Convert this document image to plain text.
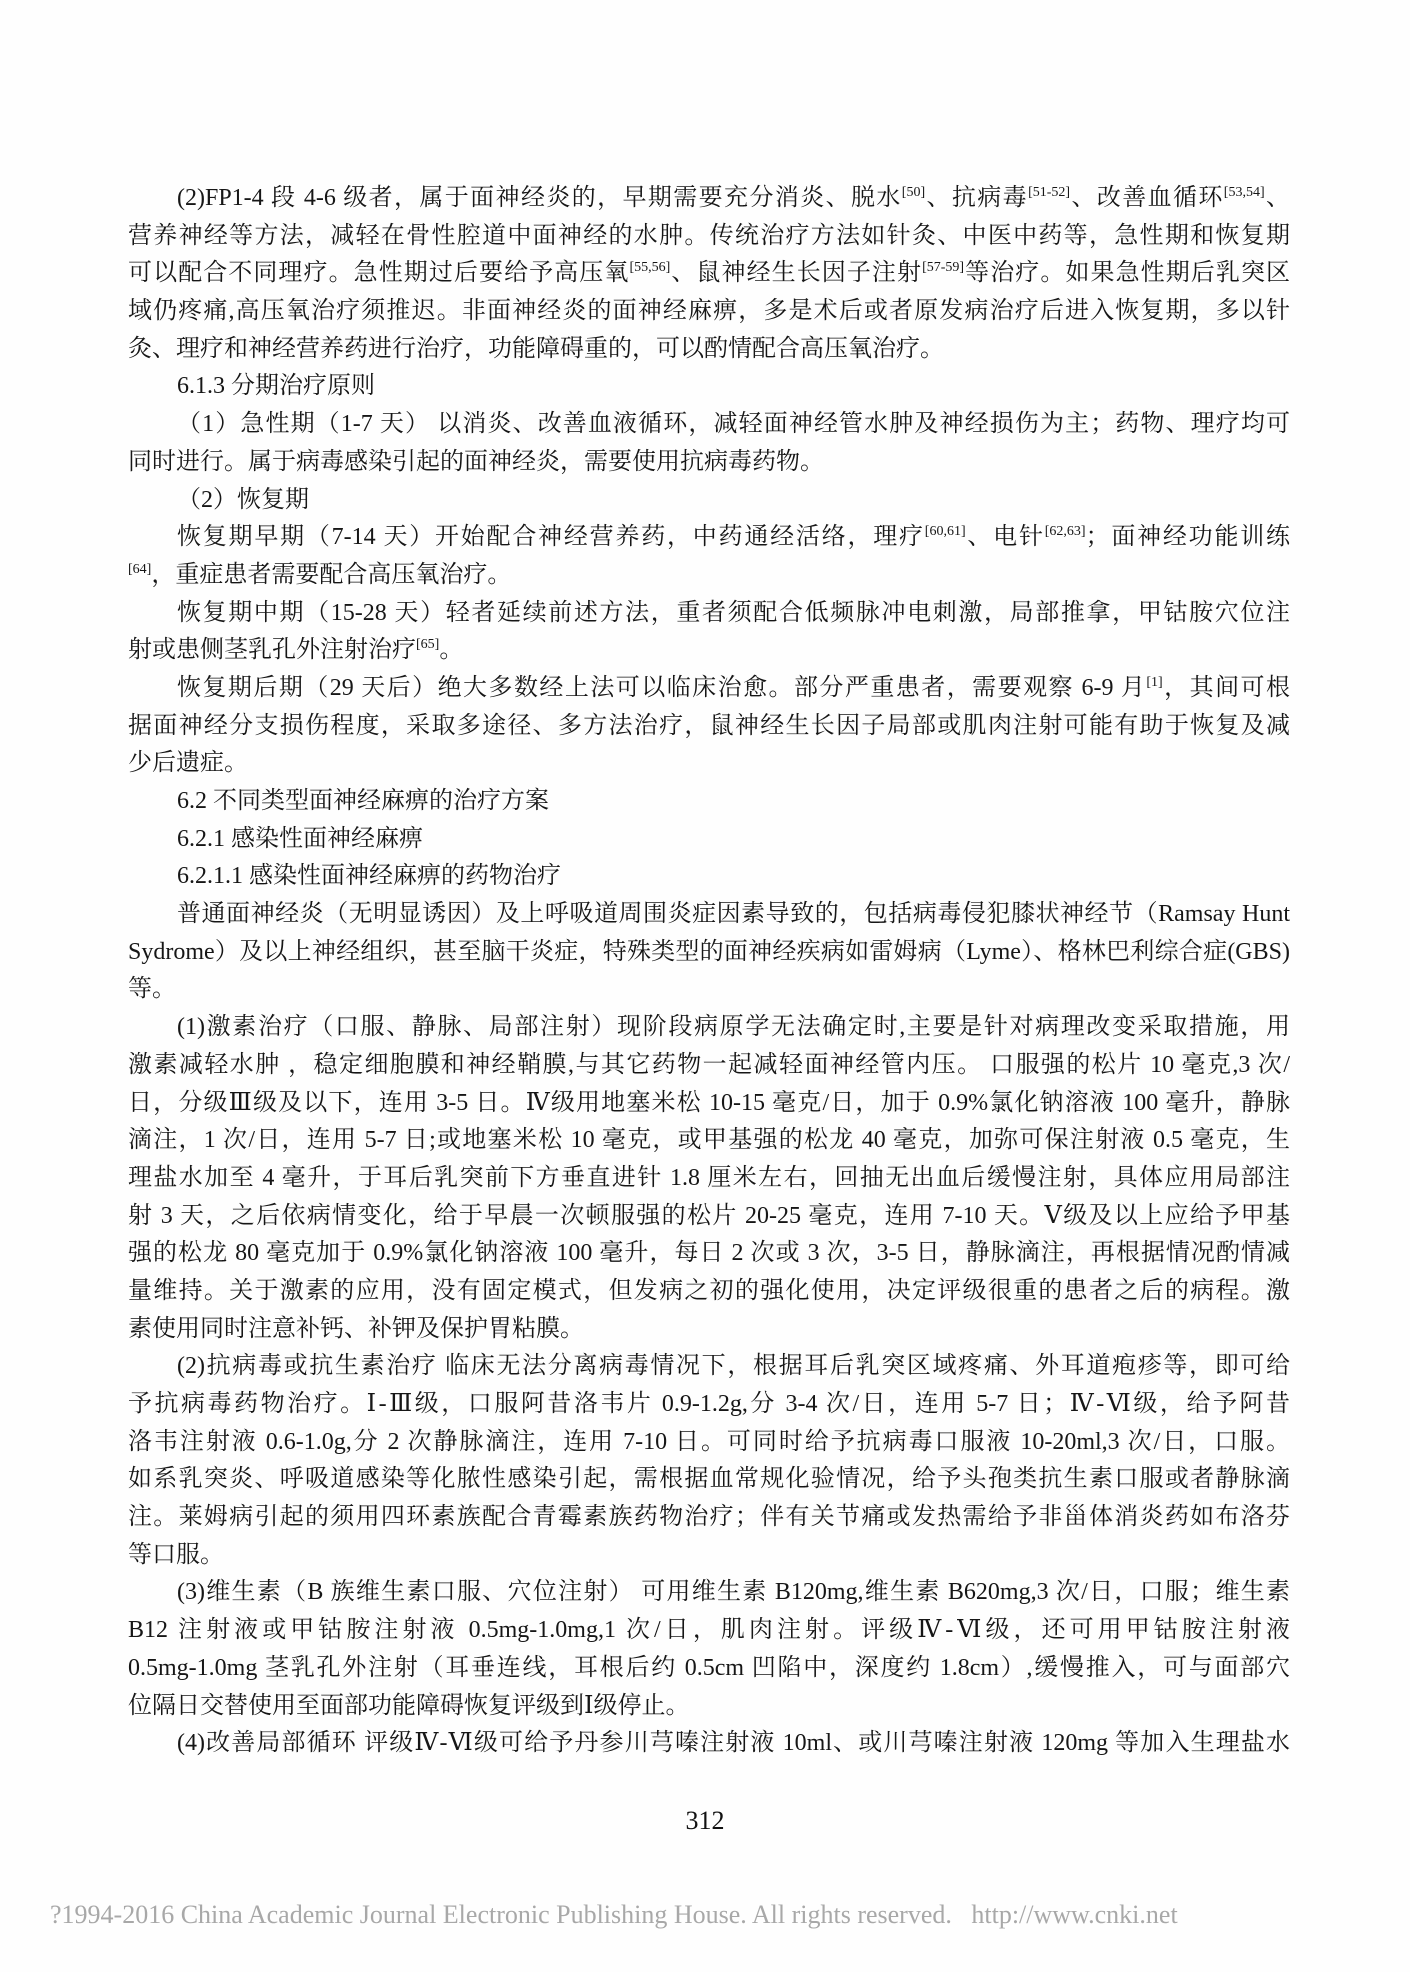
(2)FP1-4 段 4-6 级者，属于面神经炎的，早期需要充分消炎、脱水[50]、抗病毒[51-52]、改善血循环[53,54]、
营养神经等方法，减轻在骨性腔道中面神经的水肿。传统治疗方法如针灸、中医中药等，急性期和恢复期
可以配合不同理疗。急性期过后要给予高压氧[55,56]、鼠神经生长因子注射[57-59]等治疗。如果急性期后乳突区
域仍疼痛,高压氧治疗须推迟。非面神经炎的面神经麻痹，多是术后或者原发病治疗后进入恢复期，多以针
灸、理疗和神经营养药进行治疗，功能障碍重的，可以酌情配合高压氧治疗。
6.1.3 分期治疗原则
（1）急性期（1-7 天） 以消炎、改善血液循环，减轻面神经管水肿及神经损伤为主；药物、理疗均可
同时进行。属于病毒感染引起的面神经炎，需要使用抗病毒药物。
（2）恢复期
恢复期早期（7-14 天）开始配合神经营养药，中药通经活络，理疗[60,61]、电针[62,63]；面神经功能训练
[64]，重症患者需要配合高压氧治疗。
恢复期中期（15-28 天）轻者延续前述方法，重者须配合低频脉冲电刺激，局部推拿，甲钴胺穴位注
射或患侧茎乳孔外注射治疗[65]。
恢复期后期（29 天后）绝大多数经上法可以临床治愈。部分严重患者，需要观察 6-9 月[1]，其间可根
据面神经分支损伤程度，采取多途径、多方法治疗，鼠神经生长因子局部或肌肉注射可能有助于恢复及减
少后遗症。
6.2 不同类型面神经麻痹的治疗方案
6.2.1 感染性面神经麻痹
6.2.1.1 感染性面神经麻痹的药物治疗
普通面神经炎（无明显诱因）及上呼吸道周围炎症因素导致的，包括病毒侵犯膝状神经节（Ramsay Hunt
Sydrome）及以上神经组织，甚至脑干炎症，特殊类型的面神经疾病如雷姆病（Lyme）、格林巴利综合症(GBS)
等。
(1)激素治疗（口服、静脉、局部注射）现阶段病原学无法确定时,主要是针对病理改变采取措施，用
激素减轻水肿 ，稳定细胞膜和神经鞘膜,与其它药物一起减轻面神经管内压。 口服强的松片 10 毫克,3 次/
日，分级Ⅲ级及以下，连用 3-5 日。Ⅳ级用地塞米松 10-15 毫克/日，加于 0.9%氯化钠溶液 100 毫升，静脉
滴注，1 次/日，连用 5-7 日;或地塞米松 10 毫克，或甲基强的松龙 40 毫克，加弥可保注射液 0.5 毫克，生
理盐水加至 4 毫升，于耳后乳突前下方垂直进针 1.8 厘米左右，回抽无出血后缓慢注射，具体应用局部注
射 3 天，之后依病情变化，给于早晨一次顿服强的松片 20-25 毫克，连用 7-10 天。Ⅴ级及以上应给予甲基
强的松龙 80 毫克加于 0.9%氯化钠溶液 100 毫升，每日 2 次或 3 次，3-5 日，静脉滴注，再根据情况酌情减
量维持。关于激素的应用，没有固定模式，但发病之初的强化使用，决定评级很重的患者之后的病程。激
素使用同时注意补钙、补钾及保护胃粘膜。
(2)抗病毒或抗生素治疗 临床无法分离病毒情况下，根据耳后乳突区域疼痛、外耳道疱疹等，即可给
予抗病毒药物治疗。Ⅰ-Ⅲ级，口服阿昔洛韦片 0.9-1.2g,分 3-4 次/日，连用 5-7 日；Ⅳ-Ⅵ级，给予阿昔
洛韦注射液 0.6-1.0g,分 2 次静脉滴注，连用 7-10 日。可同时给予抗病毒口服液 10-20ml,3 次/日，口服。
如系乳突炎、呼吸道感染等化脓性感染引起，需根据血常规化验情况，给予头孢类抗生素口服或者静脉滴
注。莱姆病引起的须用四环素族配合青霉素族药物治疗；伴有关节痛或发热需给予非甾体消炎药如布洛芬
等口服。
(3)维生素（B 族维生素口服、穴位注射） 可用维生素 B120mg,维生素 B620mg,3 次/日，口服；维生素
B12 注射液或甲钴胺注射液 0.5mg-1.0mg,1 次/日，肌肉注射。评级Ⅳ-Ⅵ级，还可用甲钴胺注射液
0.5mg-1.0mg 茎乳孔外注射（耳垂连线，耳根后约 0.5cm 凹陷中，深度约 1.8cm）,缓慢推入，可与面部穴
位隔日交替使用至面部功能障碍恢复评级到Ⅰ级停止。
(4)改善局部循环 评级Ⅳ-Ⅵ级可给予丹参川芎嗪注射液 10ml、或川芎嗪注射液 120mg 等加入生理盐水
312
?1994-2016 China Academic Journal Electronic Publishing House. All rights reserved.   http://www.cnki.net
